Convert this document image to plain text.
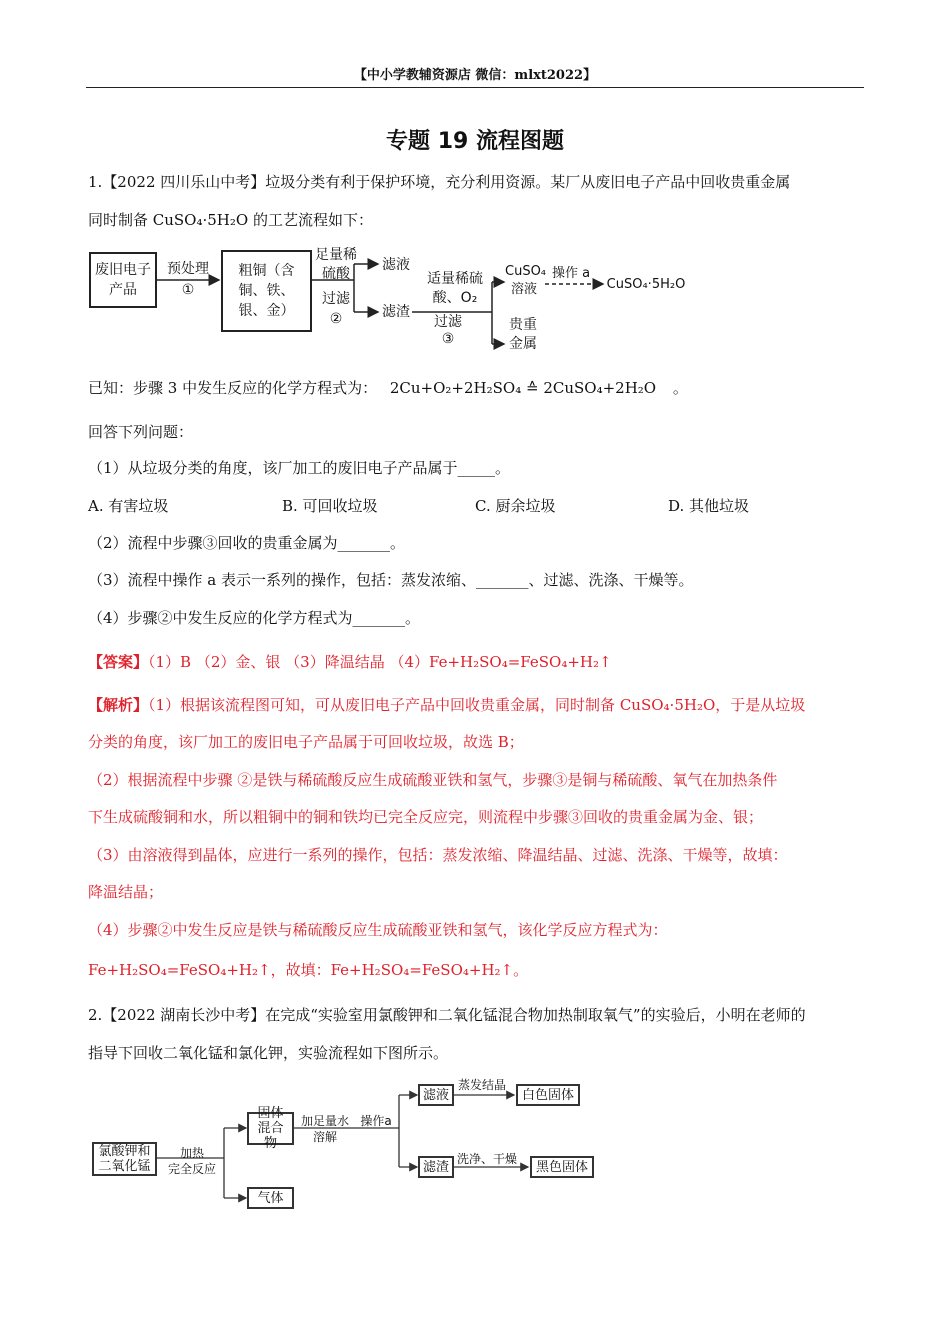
【中小学教辅资源店 微信：mlxt2022】
专题 19 流程图题
1.【2022 四川乐山中考】垃圾分类有利于保护环境，充分利用资源。某厂从废旧电子产品中回收贵重金属
同时制备 CuSO₄·5H₂O 的工艺流程如下：
废旧电子产品
预处理
①
粗铜（含铜、铁、银、金）
足量稀硫酸
过滤
②
滤液
滤渣
适量稀硫酸、O₂
过滤
③
CuSO₄溶液
操作 a
CuSO₄·5H₂O
贵重金属
已知：步骤 3 中发生反应的化学方程式为： 2Cu+O₂+2H₂SO₄ ≙ 2CuSO₄+2H₂O 。
回答下列问题：
（1）从垃圾分类的角度，该厂加工的废旧电子产品属于_____。
A. 有害垃圾	B. 可回收垃圾	C. 厨余垃圾	D. 其他垃圾
（2）流程中步骤③回收的贵重金属为_______。
（3）流程中操作 a 表示一系列的操作，包括：蒸发浓缩、_______、过滤、洗涤、干燥等。
（4）步骤②中发生反应的化学方程式为_______。
【答案】（1）B （2）金、银 （3）降温结晶 （4）Fe+H₂SO₄=FeSO₄+H₂↑
【解析】（1）根据该流程图可知，可从废旧电子产品中回收贵重金属，同时制备 CuSO₄·5H₂O，于是从垃圾
分类的角度，该厂加工的废旧电子产品属于可回收垃圾，故选 B；
（2）根据流程中步骤 ②是铁与稀硫酸反应生成硫酸亚铁和氢气，步骤③是铜与稀硫酸、氧气在加热条件
下生成硫酸铜和水，所以粗铜中的铜和铁均已完全反应完，则流程中步骤③回收的贵重金属为金、银；
（3）由溶液得到晶体，应进行一系列的操作，包括：蒸发浓缩、降温结晶、过滤、洗涤、干燥等，故填：
降温结晶；
（4）步骤②中发生反应是铁与稀硫酸反应生成硫酸亚铁和氢气，该化学反应方程式为：
Fe+H₂SO₄=FeSO₄+H₂↑，故填：Fe+H₂SO₄=FeSO₄+H₂↑。
2.【2022 湖南长沙中考】在完成“实验室用氯酸钾和二氧化锰混合物加热制取氧气”的实验后，小明在老师的
指导下回收二氧化锰和氯化钾，实验流程如下图所示。
氯酸钾和二氧化锰
加热
完全反应
固体混合物
气体
加足量水
溶解
操作a
滤液
蒸发结晶
白色固体
滤渣
洗净、干燥
黑色固体
